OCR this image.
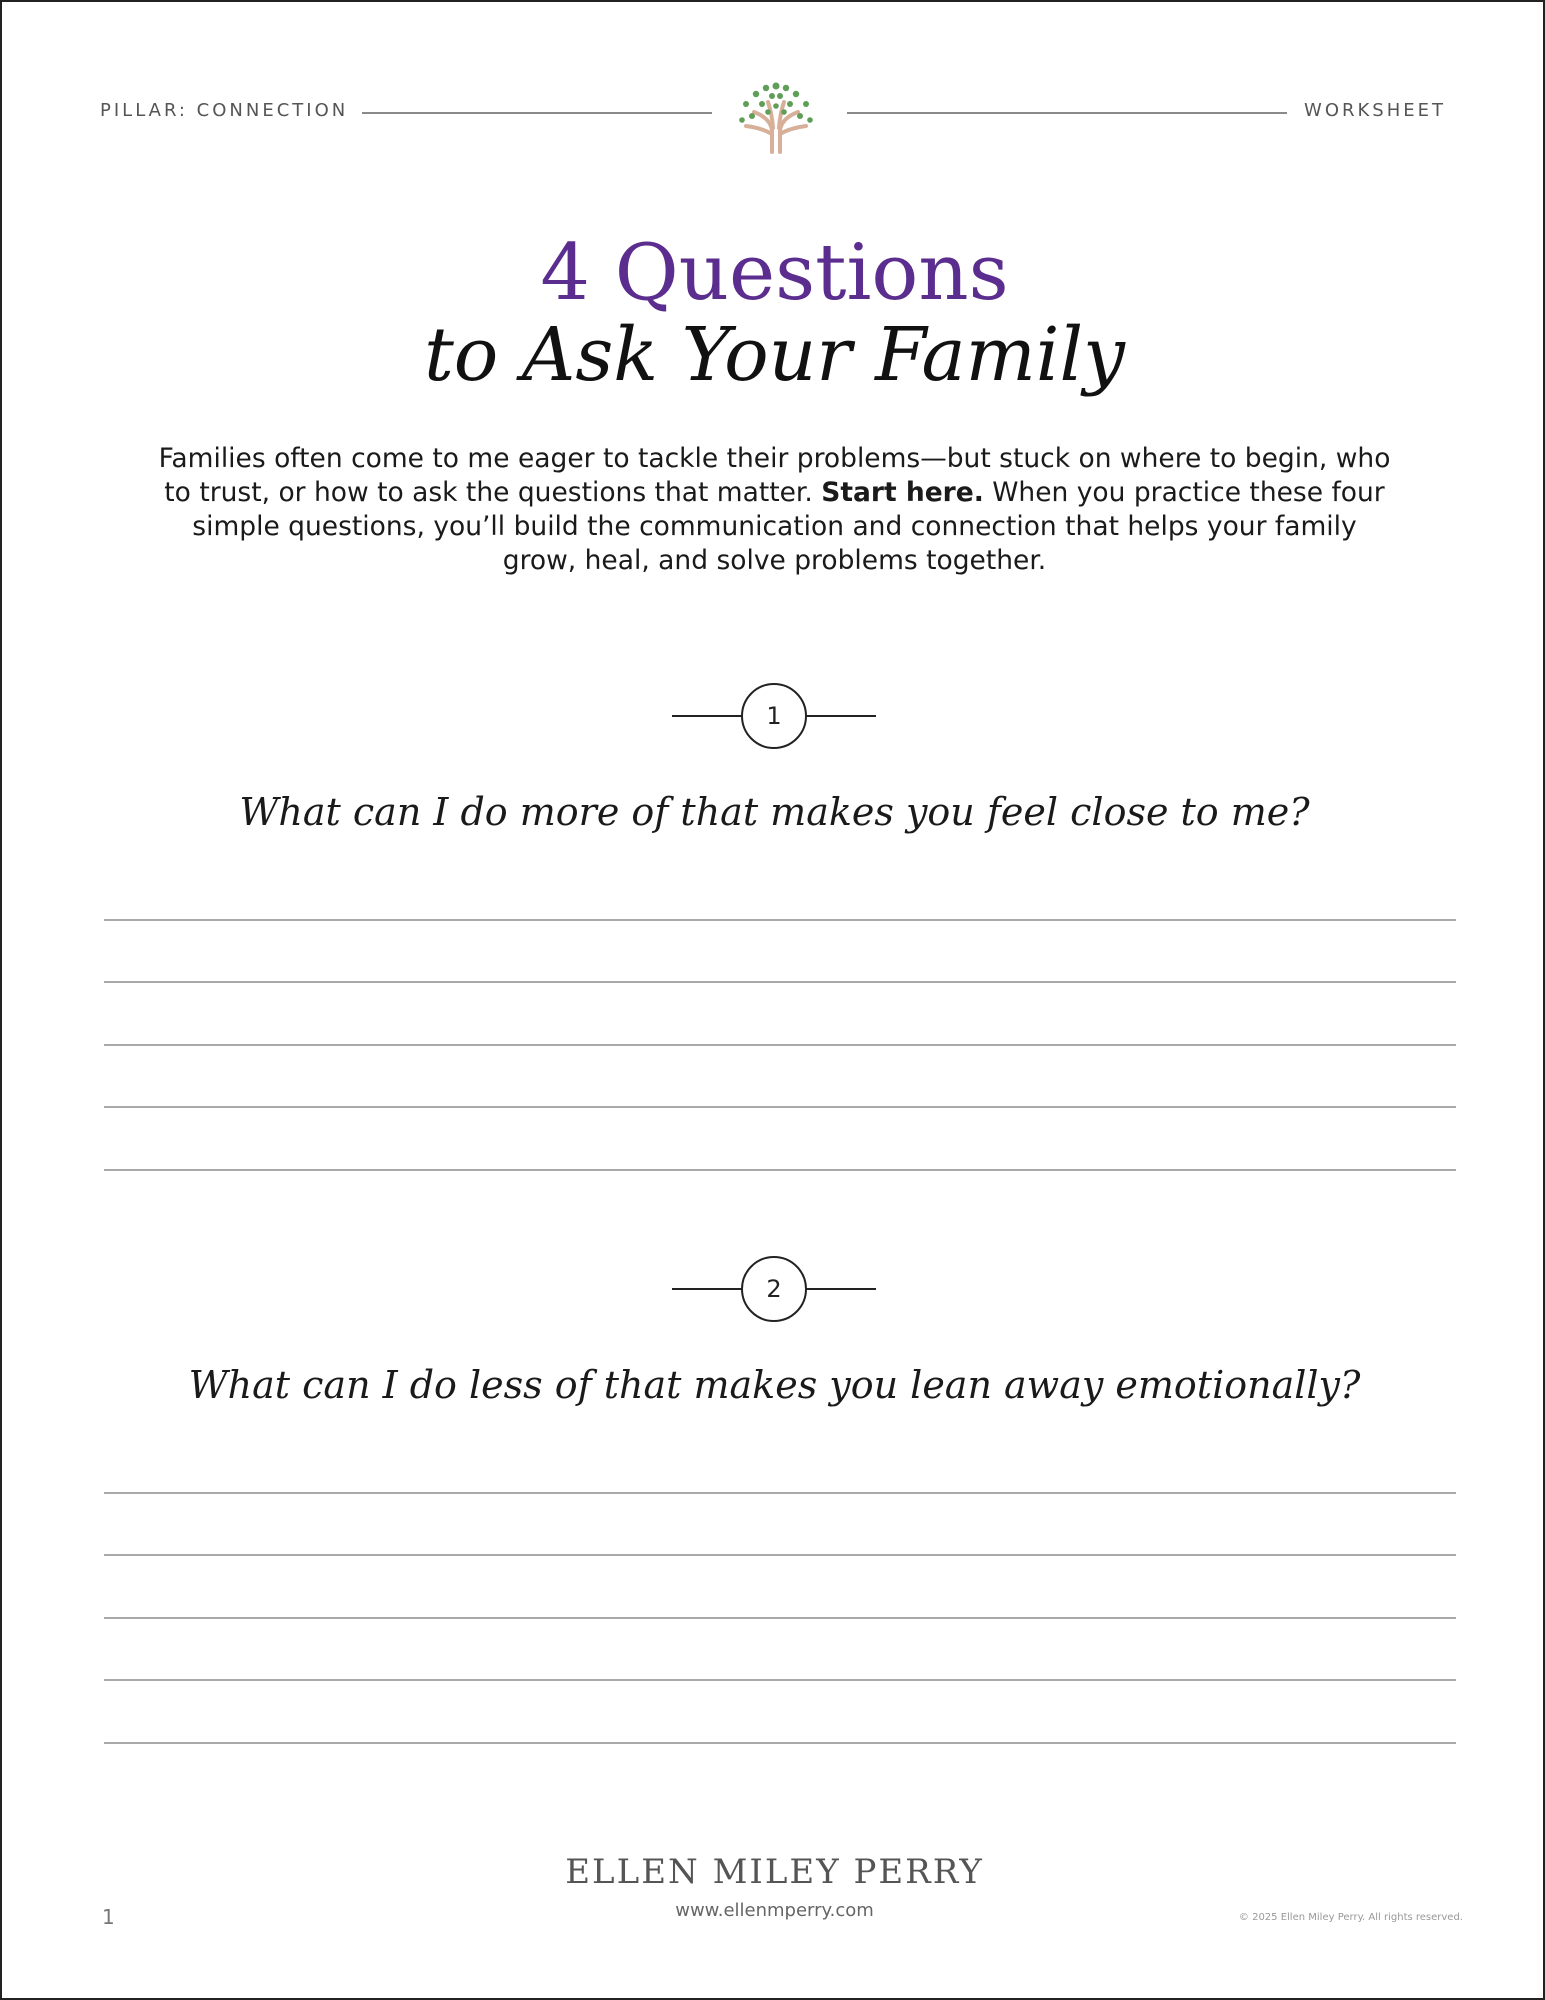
PILLAR: CONNECTION	WORKSHEET
4 Questions
to Ask Your Family
Families often come to me eager to tackle their problems—but stuck on where to begin, who to trust, or how to ask the questions that matter. Start here. When you practice these four simple questions, you’ll build the communication and connection that helps your family grow, heal, and solve problems together.
1
What can I do more of that makes you feel close to me?
2
What can I do less of that makes you lean away emotionally?
ELLEN MILEY PERRY
www.ellenmperry.com
1	© 2025 Ellen Miley Perry. All rights reserved.
